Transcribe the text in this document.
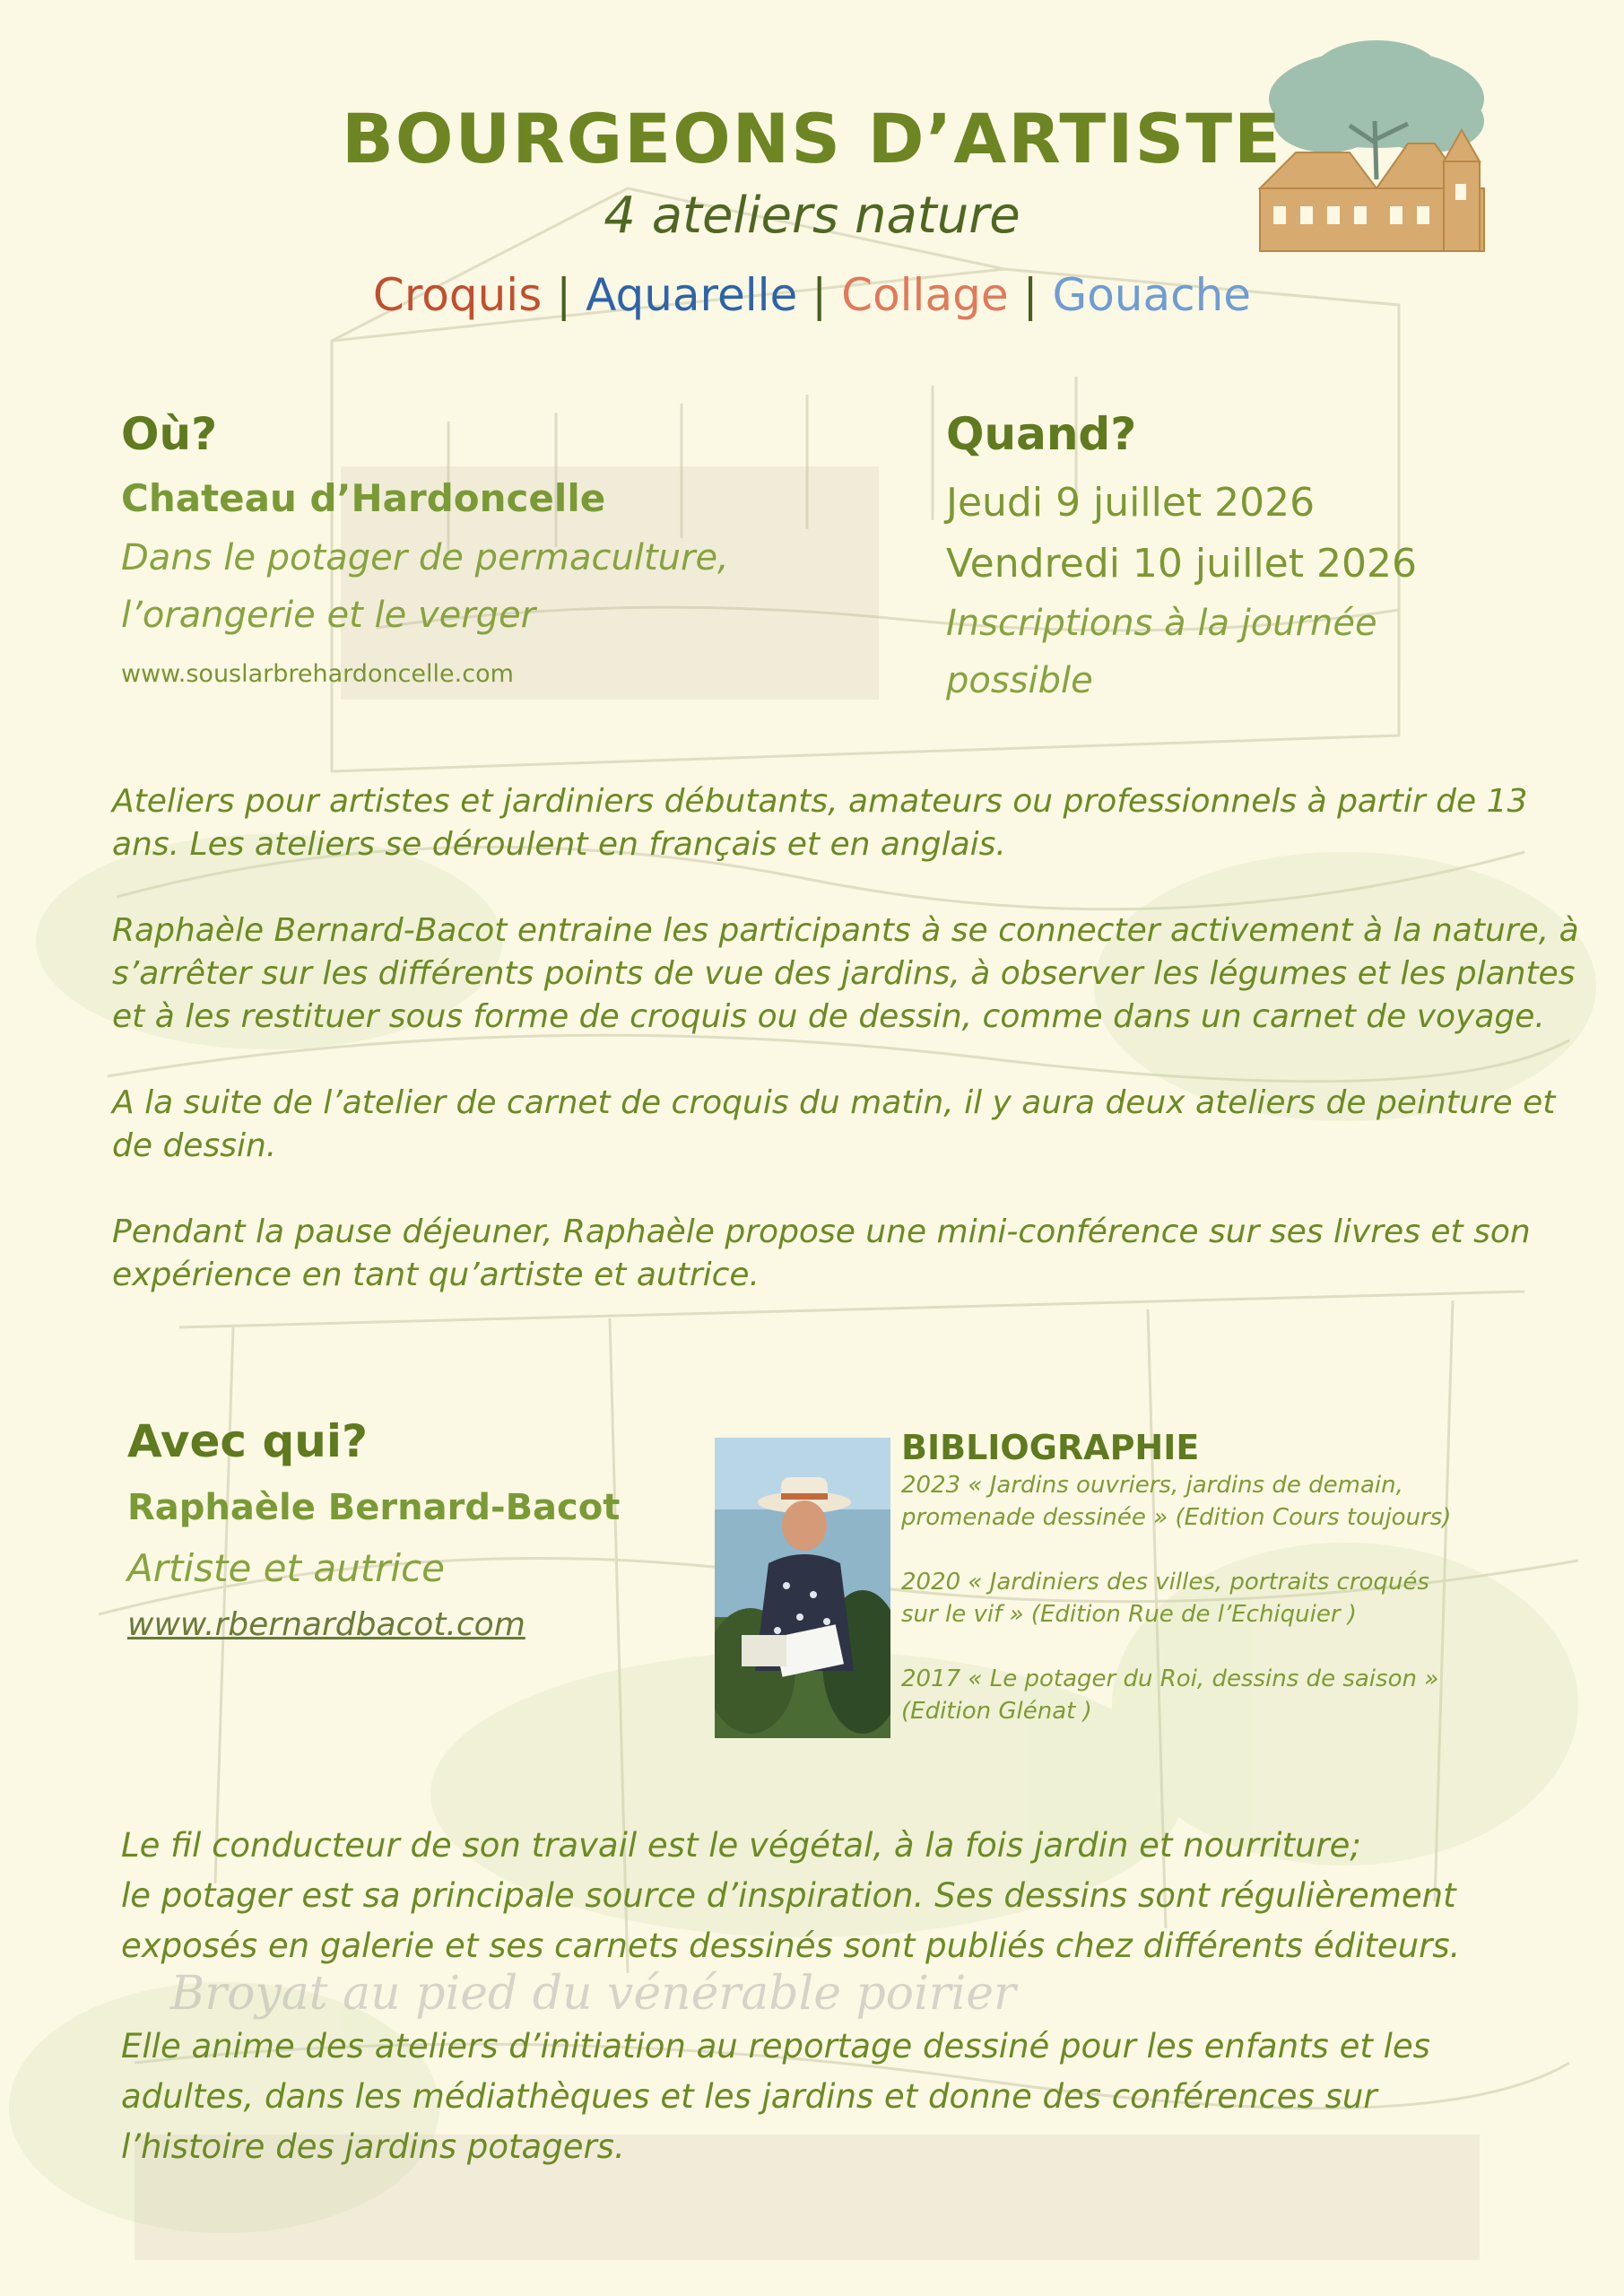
Broyat au pied du vénérable poirier
BOURGEONS D’ARTISTE
4 ateliers nature
Croquis | Aquarelle | Collage | Gouache
Où?
Chateau d’Hardoncelle
Dans le potager de permaculture,
l’orangerie et le verger
www.souslarbrehardoncelle.com
Quand?
Jeudi 9 juillet 2026
Vendredi 10 juillet 2026
Inscriptions à la journée
possible

Ateliers pour artistes et jardiniers débutants, amateurs ou professionnels à partir de 13 ans. Les ateliers se déroulent en français et en anglais.

Raphaèle Bernard-Bacot entraine les participants à se connecter activement à la nature, à s’arrêter sur les différents points de vue des jardins, à observer les légumes et les plantes et à les restituer sous forme de croquis ou de dessin, comme dans un carnet de voyage.

A la suite de l’atelier de carnet de croquis du matin, il y aura deux ateliers de peinture et de dessin.

Pendant la pause déjeuner, Raphaèle propose une mini-conférence sur ses livres et son expérience en tant qu’artiste et autrice.

Avec qui?
Raphaèle Bernard-Bacot
Artiste et autrice
www.rbernardbacot.com
BIBLIOGRAPHIE
2023 « Jardins ouvriers, jardins de demain,
promenade dessinée » (Edition Cours toujours)
2020 « Jardiniers des villes, portraits croqués
sur le vif » (Edition Rue de l’Echiquier )
2017 « Le potager du Roi, dessins de saison »
(Edition Glénat )

Le fil conducteur de son travail est le végétal, à la fois jardin et nourriture;
le potager est sa principale source d’inspiration. Ses dessins sont régulièrement
exposés en galerie et ses carnets dessinés sont publiés chez différents éditeurs.

Elle anime des ateliers d’initiation au reportage dessiné pour les enfants et les
adultes, dans les médiathèques et les jardins et donne des conférences sur
l’histoire des jardins potagers.
